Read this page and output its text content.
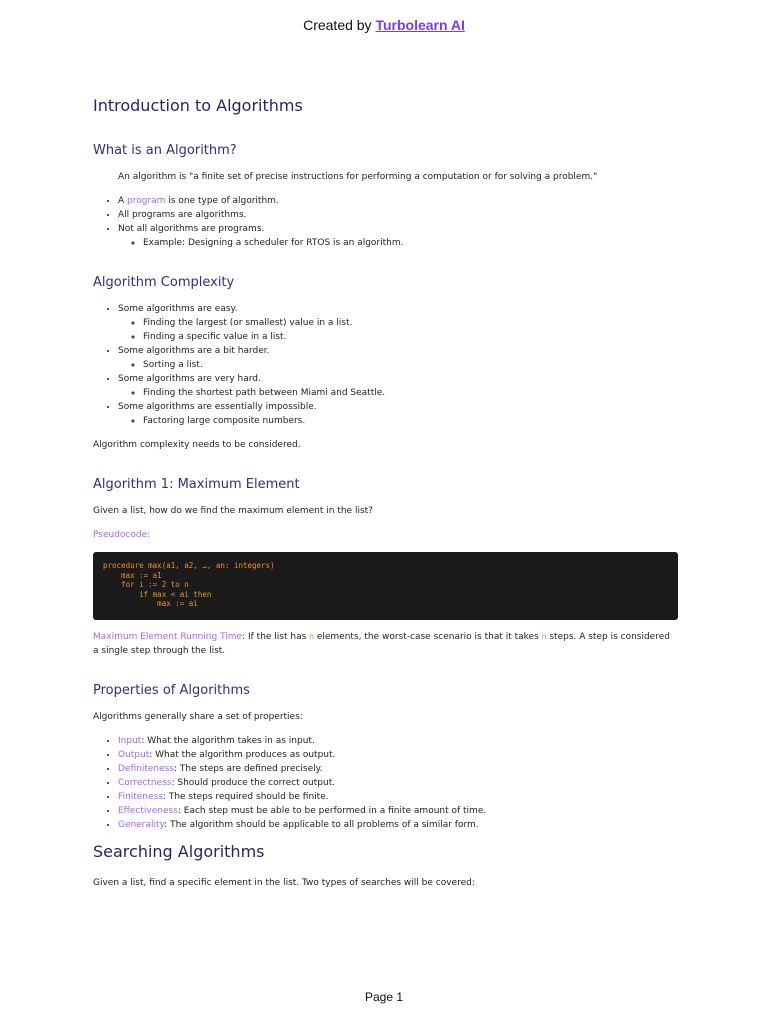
Created by Turbolearn AI
Introduction to Algorithms
What is an Algorithm?
An algorithm is "a finite set of precise instructions for performing a computation or for solving a problem."
• A program is one type of algorithm.
• All programs are algorithms.
• Not all algorithms are programs.
◦ Example: Designing a scheduler for RTOS is an algorithm.
Algorithm Complexity
• Some algorithms are easy.
◦ Finding the largest (or smallest) value in a list.
◦ Finding a specific value in a list.
• Some algorithms are a bit harder.
◦ Sorting a list.
• Some algorithms are very hard.
◦ Finding the shortest path between Miami and Seattle.
• Some algorithms are essentially impossible.
◦ Factoring large composite numbers.

Algorithm complexity needs to be considered.

Algorithm 1: Maximum Element

Given a list, how do we find the maximum element in the list?

Pseudocode:

procedure max(a1, a2, …, an: integers)
max := a1
for i := 2 to n
if max < ai then
max := ai

Maximum Element Running Time: If the list has n elements, the worst-case scenario is that it takes n steps. A step is considered a single step through the list.

Properties of Algorithms

Algorithms generally share a set of properties:

• Input: What the algorithm takes in as input.
• Output: What the algorithm produces as output.
• Definiteness: The steps are defined precisely.
• Correctness: Should produce the correct output.
• Finiteness: The steps required should be finite.
• Effectiveness: Each step must be able to be performed in a finite amount of time.
• Generality: The algorithm should be applicable to all problems of a similar form.
Searching Algorithms

Given a list, find a specific element in the list. Two types of searches will be covered:

Page 1
